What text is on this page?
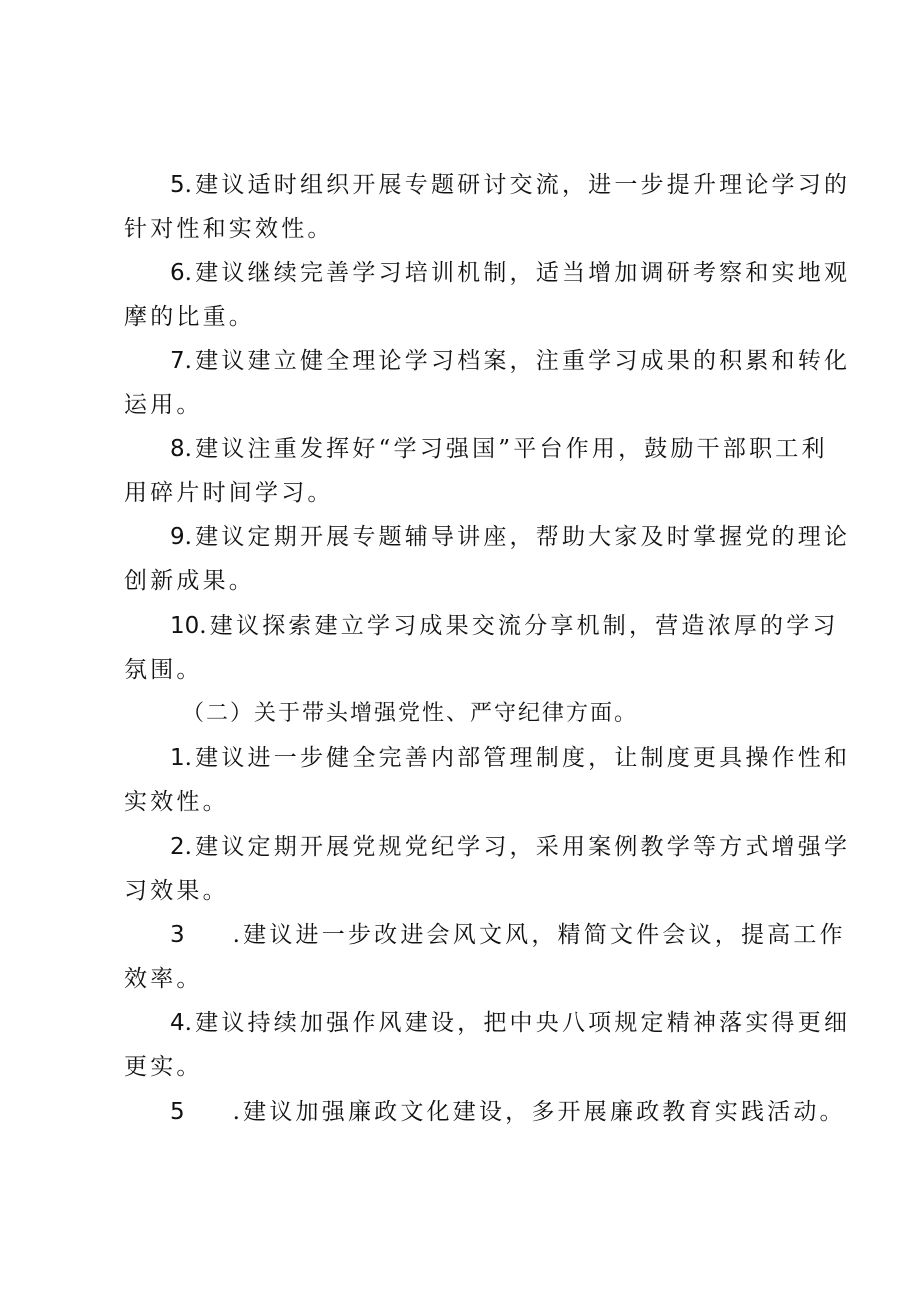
5.建议适时组织开展专题研讨交流，进一步提升理论学习的
针对性和实效性。

6.建议继续完善学习培训机制，适当增加调研考察和实地观
摩的比重。

7.建议建立健全理论学习档案，注重学习成果的积累和转化
运用。

8.建议注重发挥好“学习强国”平台作用，鼓励干部职工利
用碎片时间学习。

9.建议定期开展专题辅导讲座，帮助大家及时掌握党的理论
创新成果。

10.建议探索建立学习成果交流分享机制，营造浓厚的学习
氛围。

（二）关于带头增强党性、严守纪律方面。

1.建议进一步健全完善内部管理制度，让制度更具操作性和
实效性。

2.建议定期开展党规党纪学习，采用案例教学等方式增强学
习效果。

3 .建议进一步改进会风文风，精简文件会议，提高工作
效率。

4.建议持续加强作风建设，把中央八项规定精神落实得更细
更实。

5 .建议加强廉政文化建设，多开展廉政教育实践活动。
